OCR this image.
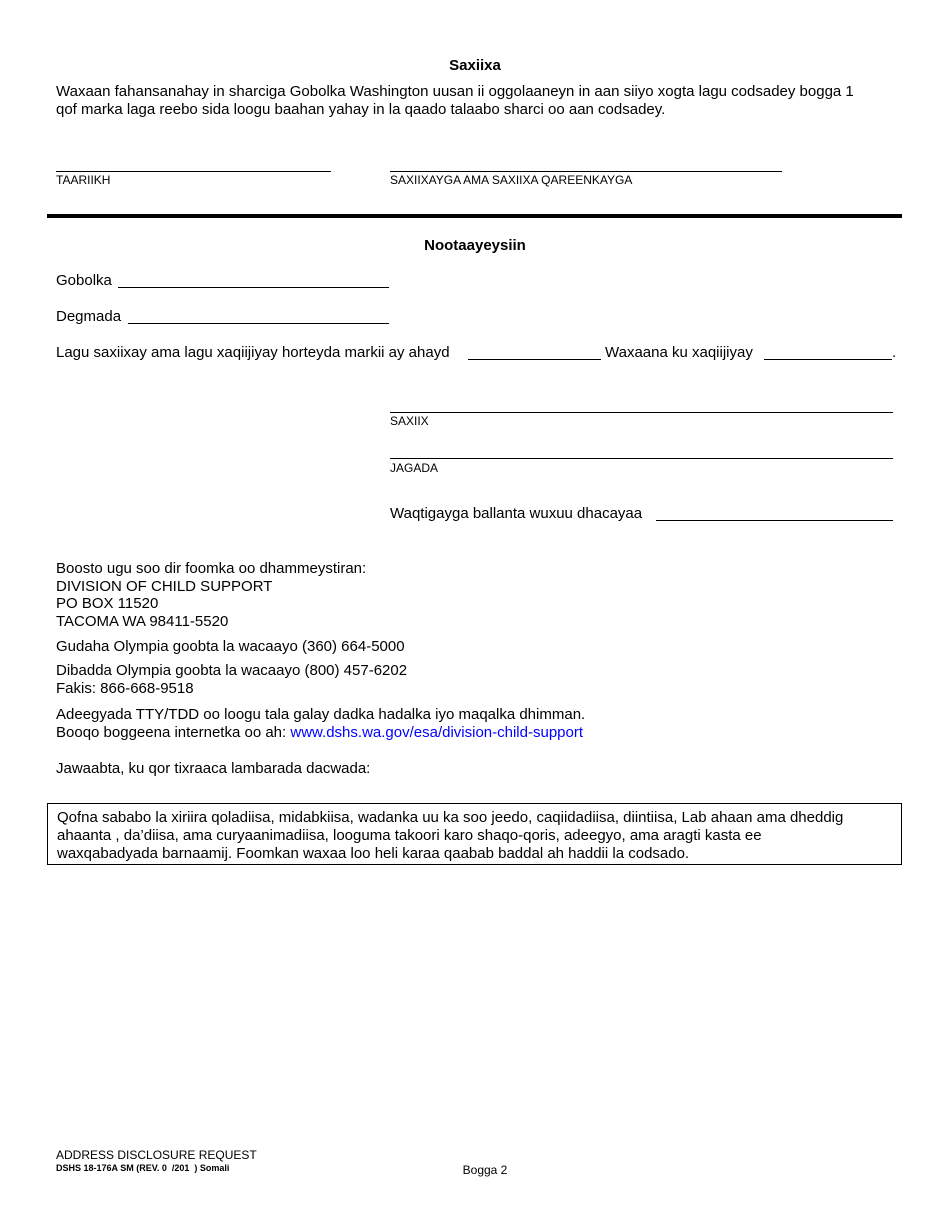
Saxiixa
Waxaan fahansanahay in sharciga Gobolka Washington uusan ii oggolaaneyn in aan siiyo xogta lagu codsadey bogga 1
qof marka laga reebo sida loogu baahan yahay in la qaado talaabo sharci oo aan codsadey.
TAARIIKH	SAXIIXAYGA AMA SAXIIXA QAREENKAYGA
Nootaayeysiin
Gobolka
Degmada
Lagu saxiixay ama lagu xaqiijiyay horteyda markii ay ahayd	Waxaana ku xaqiijiyay	.
SAXIIX
JAGADA
Waqtigayga ballanta wuxuu dhacayaa
Boosto ugu soo dir foomka oo dhammeystiran:
DIVISION OF CHILD SUPPORT
PO BOX 11520
TACOMA WA 98411-5520
Gudaha Olympia goobta la wacaayo (360) 664-5000
Dibadda Olympia goobta la wacaayo (800) 457-6202
Fakis: 866-668-9518
Adeegyada TTY/TDD oo loogu tala galay dadka hadalka iyo maqalka dhimman.
Booqo boggeena internetka oo ah: www.dshs.wa.gov/esa/division-child-support
Jawaabta, ku qor tixraaca lambarada dacwada:
Qofna sababo la xiriira qoladiisa, midabkiisa, wadanka uu ka soo jeedo, caqiidadiisa, diintiisa, Lab ahaan ama dheddig
ahaanta , da’diisa, ama curyaanimadiisa, looguma takoori karo shaqo-qoris, adeegyo, ama aragti kasta ee
waxqabadyada barnaamij. Foomkan waxaa loo heli karaa qaabab baddal ah haddii la codsado.
ADDRESS DISCLOSURE REQUEST
DSHS 18-176A SM (REV. 0  /201  ) Somali	Bogga 2
